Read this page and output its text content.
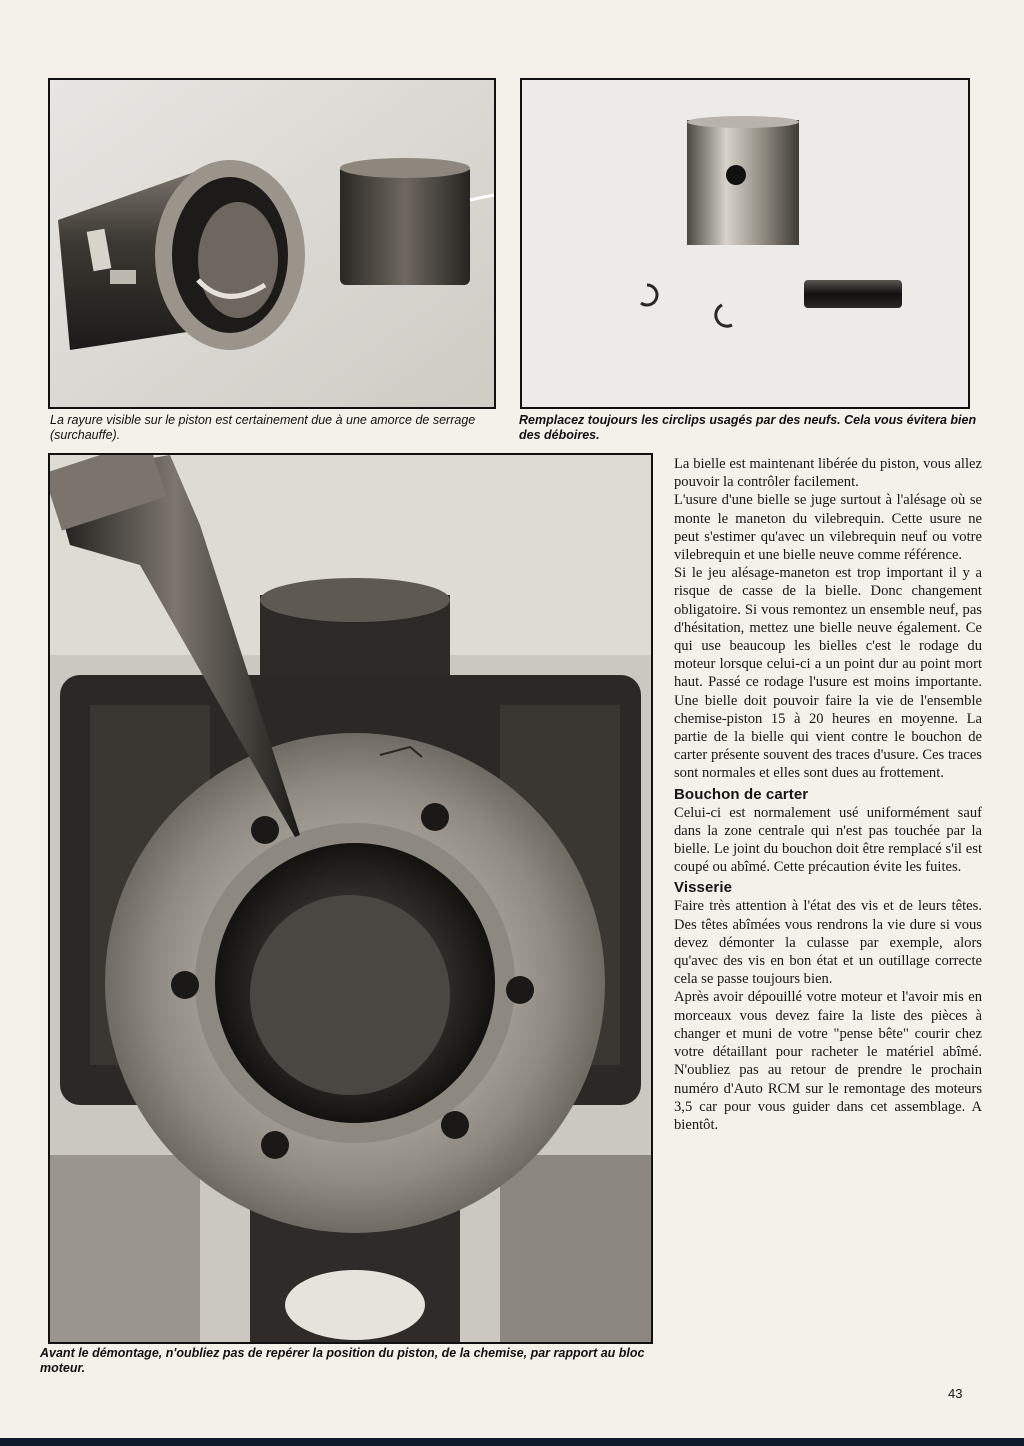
La rayure visible sur le piston est certainement due à une amorce de serrage (surchauffe).

Remplacez toujours les circlips usagés par des neufs. Cela vous évitera bien des déboires.

Avant le démontage, n'oubliez pas de repérer la position du piston, de la chemise, par rapport au bloc moteur.

La bielle est maintenant libérée du piston, vous allez pouvoir la contrôler facilement.

L'usure d'une bielle se juge surtout à l'alésage où se monte le maneton du vilebrequin. Cette usure ne peut s'estimer qu'avec un vilebrequin neuf ou votre vilebrequin et une bielle neuve comme référence.

Si le jeu alésage-maneton est trop important il y a risque de casse de la bielle. Donc changement obligatoire. Si vous remontez un ensemble neuf, pas d'hésitation, mettez une bielle neuve également. Ce qui use beaucoup les bielles c'est le rodage du moteur lorsque celui-ci a un point dur au point mort haut. Passé ce rodage l'usure est moins importante. Une bielle doit pouvoir faire la vie de l'ensemble chemise-piston 15 à 20 heures en moyenne. La partie de la bielle qui vient contre le bouchon de carter présente souvent des traces d'usure. Ces traces sont normales et elles sont dues au frottement.

Bouchon de carter

Celui-ci est normalement usé uniformément sauf dans la zone centrale qui n'est pas touchée par la bielle. Le joint du bouchon doit être remplacé s'il est coupé ou abîmé. Cette précaution évite les fuites.

Visserie

Faire très attention à l'état des vis et de leurs têtes. Des têtes abîmées vous rendrons la vie dure si vous devez démonter la culasse par exemple, alors qu'avec des vis en bon état et un outillage correcte cela se passe toujours bien.

Après avoir dépouillé votre moteur et l'avoir mis en morceaux vous devez faire la liste des pièces à changer et muni de votre "pense bête" courir chez votre détaillant pour racheter le matériel abîmé. N'oubliez pas au retour de prendre le prochain numéro d'Auto RCM sur le remontage des moteurs 3,5 car pour vous guider dans cet assemblage. A bientôt.

43
